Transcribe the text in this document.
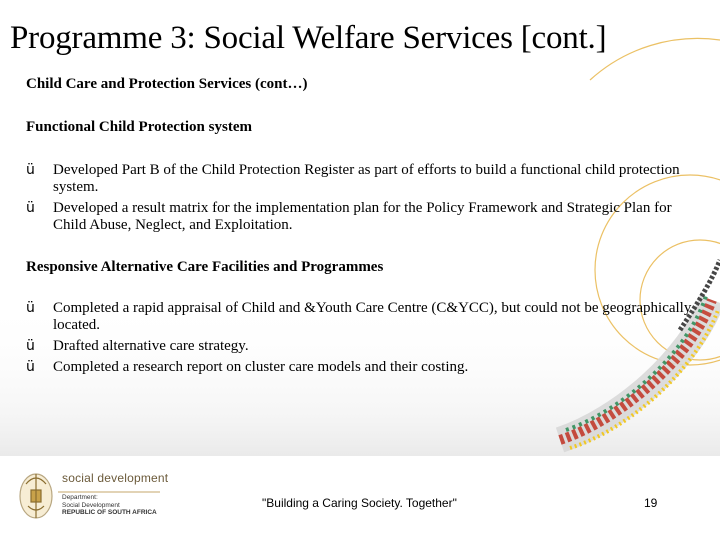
Programme 3: Social Welfare Services [cont.]

Child Care and Protection Services (cont…)

Functional Child Protection system

ü Developed Part B of the Child Protection Register as part of efforts to build a functional child protection system.
ü Developed a result matrix for the implementation plan for the Policy Framework and Strategic Plan for Child Abuse, Neglect, and Exploitation.

Responsive Alternative Care Facilities and Programmes

ü Completed a rapid appraisal of Child and &Youth Care Centre (C&YCC), but could not be geographically located.
ü Drafted alternative care strategy.
ü Completed a research report on cluster care models and their costing.
social development
Department:
Social Development
REPUBLIC OF SOUTH AFRICA
"Building a Caring Society. Together"	19
